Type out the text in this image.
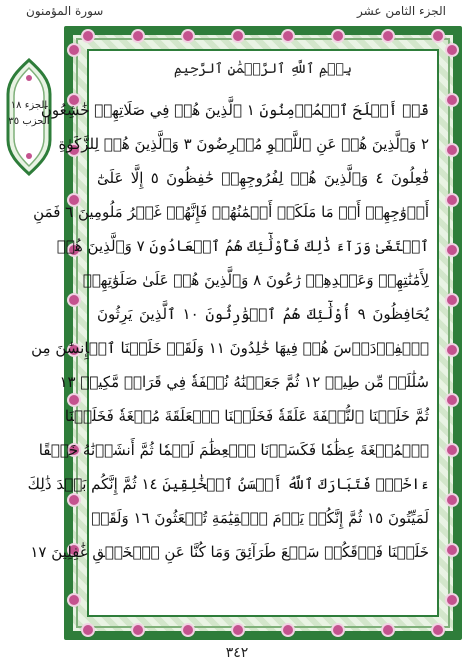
سورة المؤمنون	الجزء الثامن عشر
الجزء ١٨
الحزب ٣٥
بِسۡمِ ٱللَّهِ ٱلرَّحۡمَٰنِ ٱلرَّحِيمِ
قَدۡ أَفۡلَحَ ٱلۡمُؤۡمِنُونَ ١ ٱلَّذِينَ هُمۡ فِي صَلَاتِهِمۡ خَٰشِعُونَ
٢ وَٱلَّذِينَ هُمۡ عَنِ ٱللَّغۡوِ مُعۡرِضُونَ ٣ وَٱلَّذِينَ هُمۡ لِلزَّكَوٰةِ
فَٰعِلُونَ ٤ وَٱلَّذِينَ هُمۡ لِفُرُوجِهِمۡ حَٰفِظُونَ ٥ إِلَّا عَلَىٰٓ
أَزۡوَٰجِهِمۡ أَوۡ مَا مَلَكَتۡ أَيۡمَٰنُهُمۡ فَإِنَّهُمۡ غَيۡرُ مَلُومِينَ ٦ فَمَنِ
ٱبۡتَغَىٰ وَرَآءَ ذَٰلِكَ فَأُوْلَٰٓئِكَ هُمُ ٱلۡعَادُونَ ٧ وَٱلَّذِينَ هُمۡ
لِأَمَٰنَٰتِهِمۡ وَعَهۡدِهِمۡ رَٰعُونَ ٨ وَٱلَّذِينَ هُمۡ عَلَىٰ صَلَوَٰتِهِمۡ
يُحَافِظُونَ ٩ أُوْلَٰٓئِكَ هُمُ ٱلۡوَٰرِثُونَ ١٠ ٱلَّذِينَ يَرِثُونَ
ٱلۡفِرۡدَوۡسَ هُمۡ فِيهَا خَٰلِدُونَ ١١ وَلَقَدۡ خَلَقۡنَا ٱلۡإِنسَٰنَ مِن
سُلَٰلَةٖ مِّن طِينٖ ١٢ ثُمَّ جَعَلۡنَٰهُ نُطۡفَةٗ فِي قَرَارٖ مَّكِينٖ ١٣
ثُمَّ خَلَقۡنَا ٱلنُّطۡفَةَ عَلَقَةٗ فَخَلَقۡنَا ٱلۡعَلَقَةَ مُضۡغَةٗ فَخَلَقۡنَا
ٱلۡمُضۡغَةَ عِظَٰمٗا فَكَسَوۡنَا ٱلۡعِظَٰمَ لَحۡمٗا ثُمَّ أَنشَأۡنَٰهُ خَلۡقًا
ءَاخَرَۚ فَتَبَارَكَ ٱللَّهُ أَحۡسَنُ ٱلۡخَٰلِقِينَ ١٤ ثُمَّ إِنَّكُم بَعۡدَ ذَٰلِكَ
لَمَيِّتُونَ ١٥ ثُمَّ إِنَّكُمۡ يَوۡمَ ٱلۡقِيَٰمَةِ تُبۡعَثُونَ ١٦ وَلَقَدۡ
خَلَقۡنَا فَوۡقَكُمۡ سَبۡعَ طَرَآئِقَ وَمَا كُنَّا عَنِ ٱلۡخَلۡقِ غَٰفِلِينَ ١٧
٣٤٢
